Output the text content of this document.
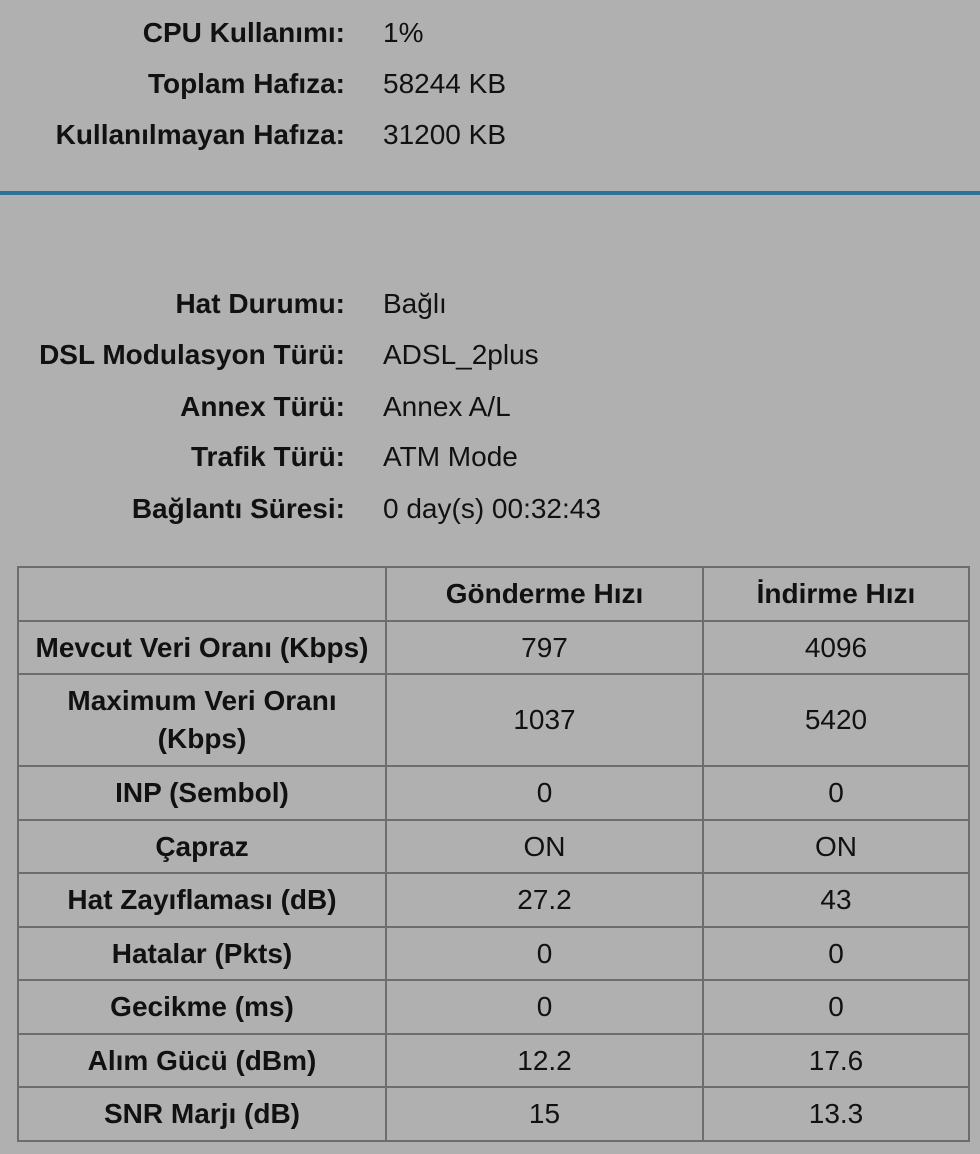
CPU Kullanımı: 1%
Toplam Hafıza: 58244 KB
Kullanılmayan Hafıza: 31200 KB
Hat Durumu: Bağlı
DSL Modulasyon Türü: ADSL_2plus
Annex Türü: Annex A/L
Trafik Türü: ATM Mode
Bağlantı Süresi: 0 day(s) 00:32:43
	Gönderme Hızı	İndirme Hızı
Mevcut Veri Oranı (Kbps)	797	4096
Maximum Veri Oranı (Kbps)	1037	5420
INP (Sembol)	0	0
Çapraz	ON	ON
Hat Zayıflaması (dB)	27.2	43
Hatalar (Pkts)	0	0
Gecikme (ms)	0	0
Alım Gücü (dBm)	12.2	17.6
SNR Marjı (dB)	15	13.3
